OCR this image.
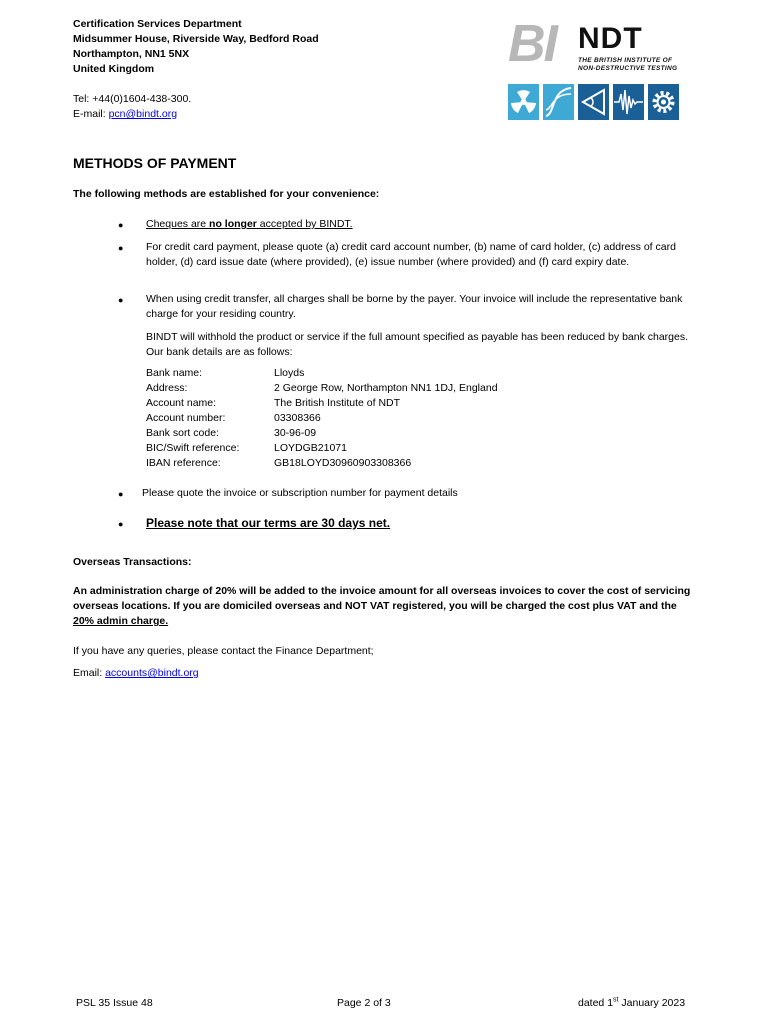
Certification Services Department
Midsummer House, Riverside Way, Bedford Road
Northampton, NN1 5NX
United Kingdom
Tel: +44(0)1604-438-300.
E-mail: pcn@bindt.org
BI NDT
THE BRITISH INSTITUTE OF
NON-DESTRUCTIVE TESTING
METHODS OF PAYMENT
The following methods are established for your convenience:
● Cheques are no longer accepted by BINDT.
● For credit card payment, please quote (a) credit card account number, (b) name of card holder, (c) address of card holder, (d) card issue date (where provided), (e) issue number (where provided) and (f) card expiry date.
● When using credit transfer, all charges shall be borne by the payer. Your invoice will include the representative bank charge for your residing country.
BINDT will withhold the product or service if the full amount specified as payable has been reduced by bank charges. Our bank details are as follows:
Bank name:	Lloyds
Address:	2 George Row, Northampton NN1 1DJ, England
Account name:	The British Institute of NDT
Account number:	03308366
Bank sort code:	30-96-09
BIC/Swift reference:	LOYDGB21071
IBAN reference:	GB18LOYD30960903308366
● Please quote the invoice or subscription number for payment details
● Please note that our terms are 30 days net.
Overseas Transactions:
An administration charge of 20% will be added to the invoice amount for all overseas invoices to cover the cost of servicing overseas locations. If you are domiciled overseas and NOT VAT registered, you will be charged the cost plus VAT and the 20% admin charge.
If you have any queries, please contact the Finance Department;
Email: accounts@bindt.org
PSL 35 Issue 48	Page 2 of 3	dated 1st January 2023
